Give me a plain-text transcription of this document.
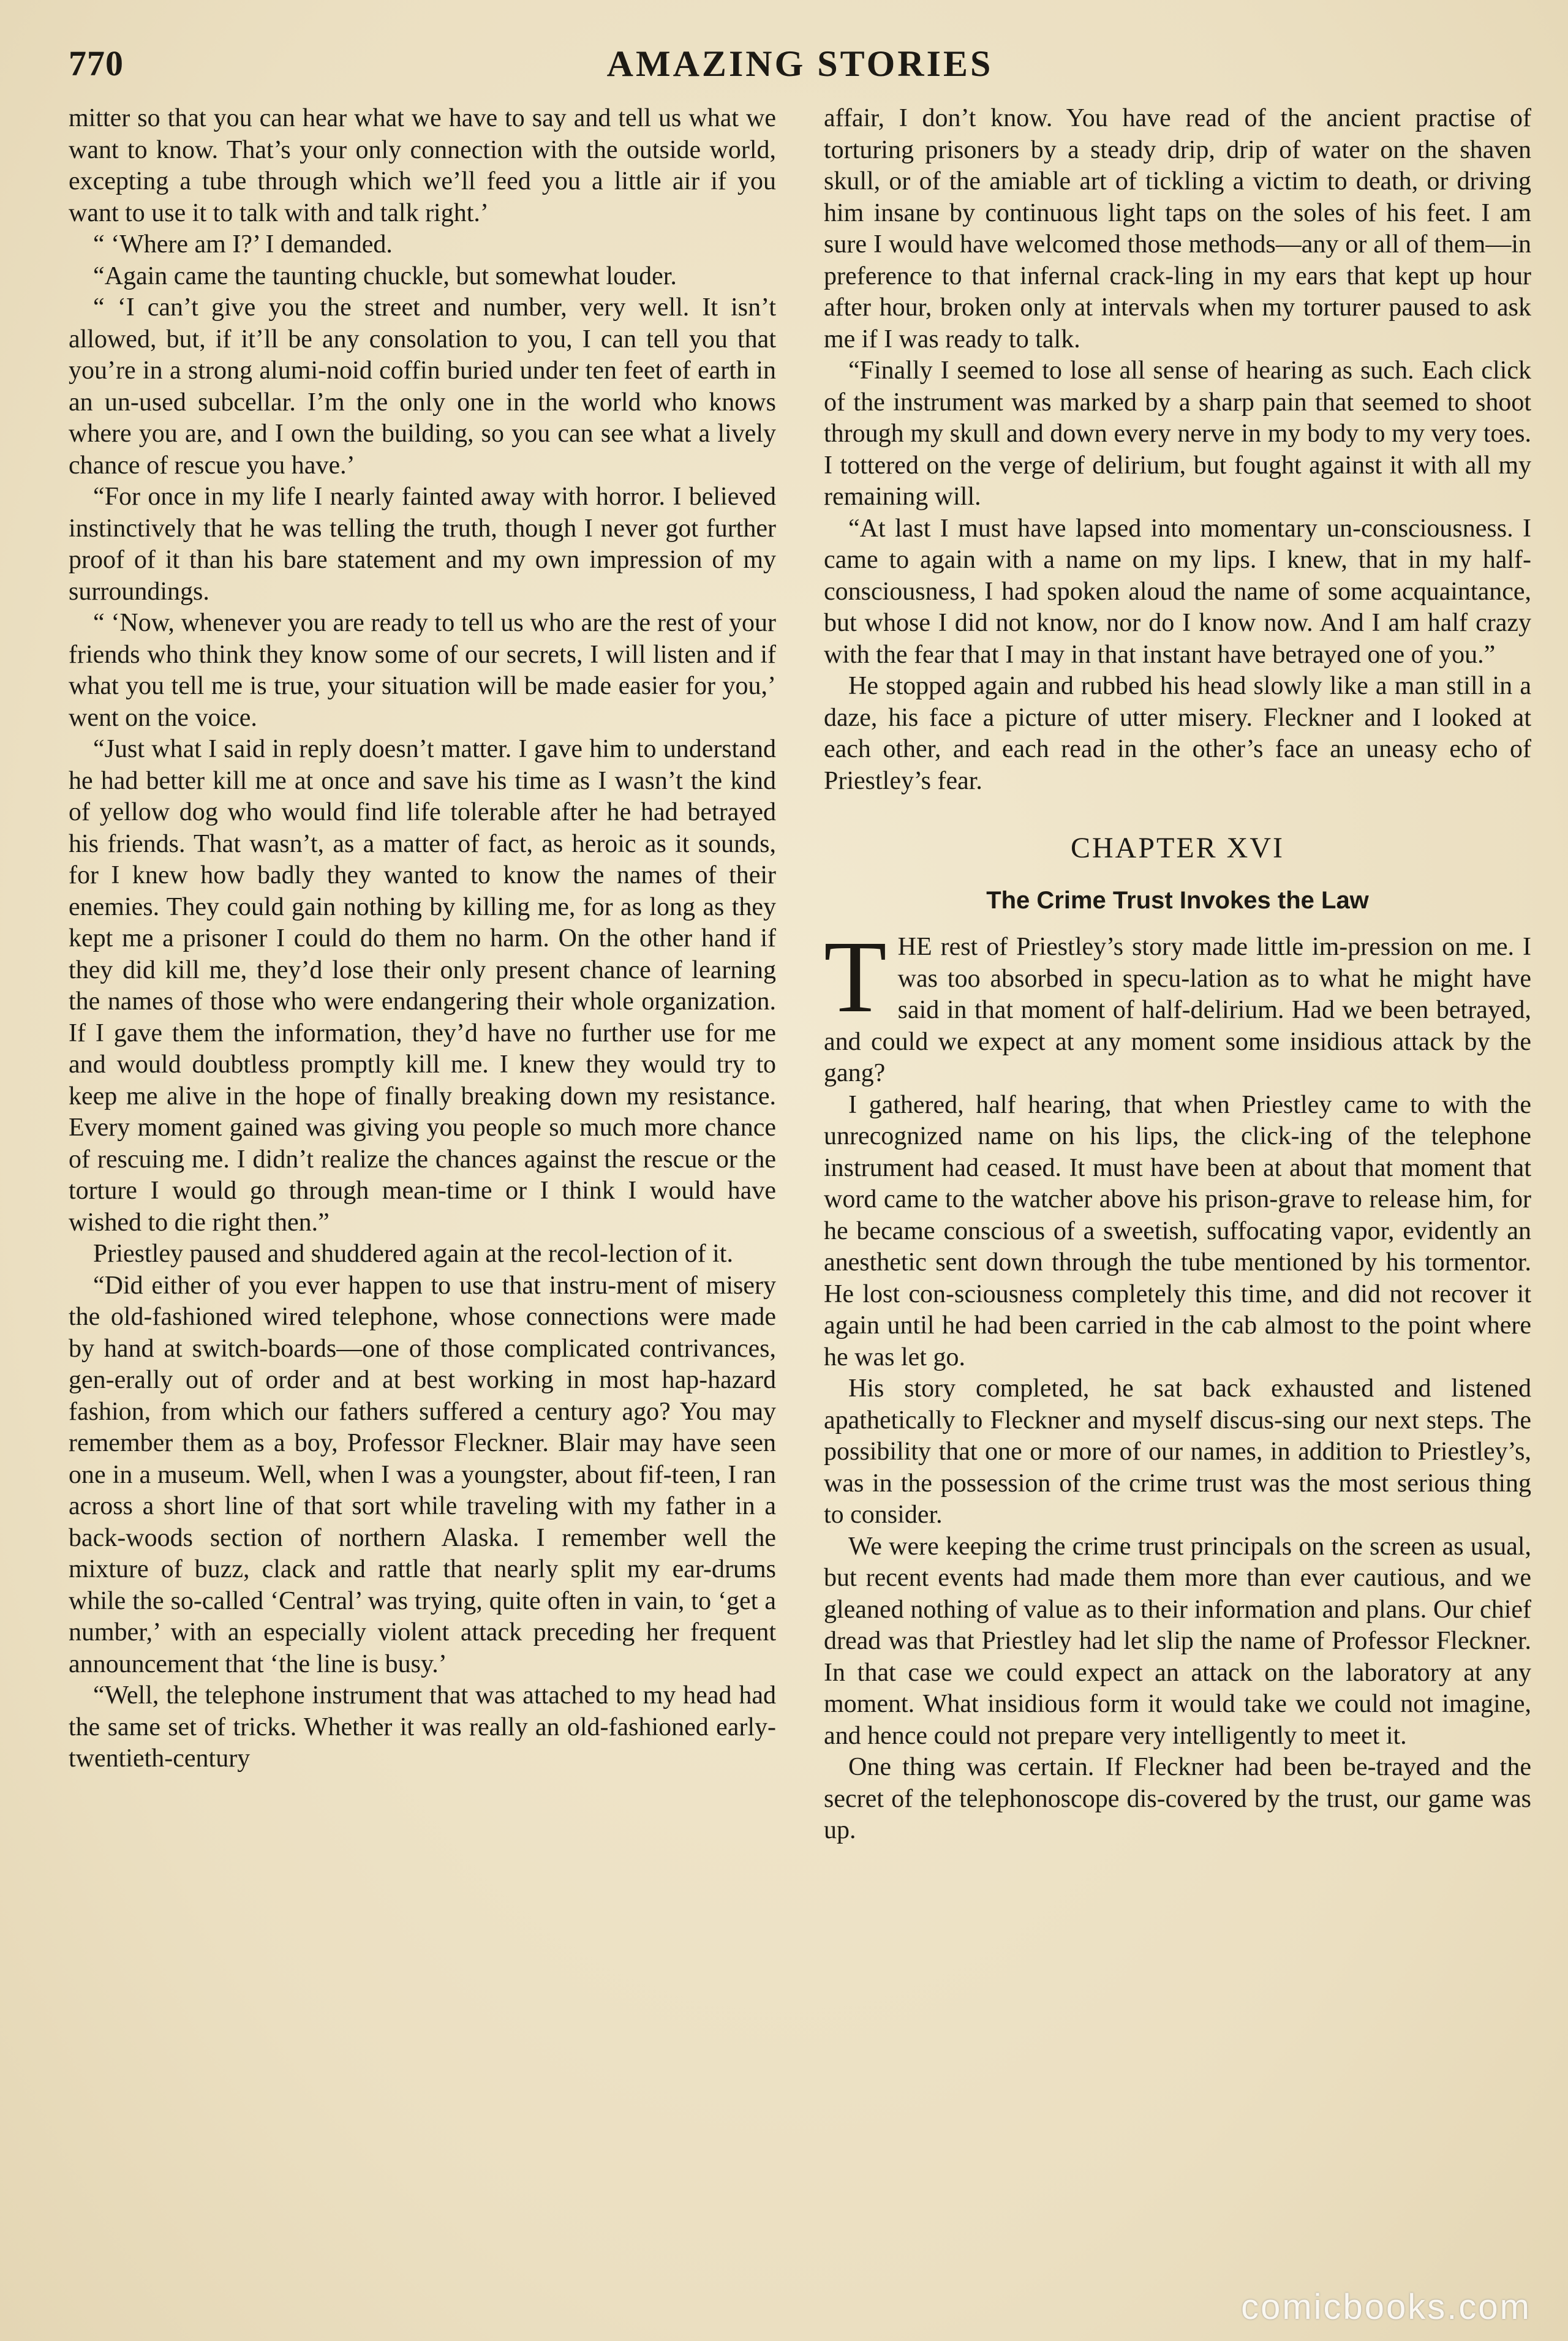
770	AMAZING STORIES

mitter so that you can hear what we have to say and tell us what we want to know. That’s your only connection with the outside world, excepting a tube through which we’ll feed you a little air if you want to use it to talk with and talk right.’

“ ‘Where am I?’ I demanded.

“Again came the taunting chuckle, but somewhat louder.

“ ‘I can’t give you the street and number, very well. It isn’t allowed, but, if it’ll be any consolation to you, I can tell you that you’re in a strong alumi-noid coffin buried under ten feet of earth in an un-used subcellar. I’m the only one in the world who knows where you are, and I own the building, so you can see what a lively chance of rescue you have.’

“For once in my life I nearly fainted away with horror. I believed instinctively that he was telling the truth, though I never got further proof of it than his bare statement and my own impression of my surroundings.

“ ‘Now, whenever you are ready to tell us who are the rest of your friends who think they know some of our secrets, I will listen and if what you tell me is true, your situation will be made easier for you,’ went on the voice.

“Just what I said in reply doesn’t matter. I gave him to understand he had better kill me at once and save his time as I wasn’t the kind of yellow dog who would find life tolerable after he had betrayed his friends. That wasn’t, as a matter of fact, as heroic as it sounds, for I knew how badly they wanted to know the names of their enemies. They could gain nothing by killing me, for as long as they kept me a prisoner I could do them no harm. On the other hand if they did kill me, they’d lose their only present chance of learning the names of those who were endangering their whole organization. If I gave them the information, they’d have no further use for me and would doubtless promptly kill me. I knew they would try to keep me alive in the hope of finally breaking down my resistance. Every moment gained was giving you people so much more chance of rescuing me. I didn’t realize the chances against the rescue or the torture I would go through mean-time or I think I would have wished to die right then.”

Priestley paused and shuddered again at the recol-lection of it.

“Did either of you ever happen to use that instru-ment of misery the old-fashioned wired telephone, whose connections were made by hand at switch-boards—one of those complicated contrivances, gen-erally out of order and at best working in most hap-hazard fashion, from which our fathers suffered a century ago? You may remember them as a boy, Professor Fleckner. Blair may have seen one in a museum. Well, when I was a youngster, about fif-teen, I ran across a short line of that sort while traveling with my father in a back-woods section of northern Alaska. I remember well the mixture of buzz, clack and rattle that nearly split my ear-drums while the so-called ‘Central’ was trying, quite often in vain, to ‘get a number,’ with an especially violent attack preceding her frequent announcement that ‘the line is busy.’

“Well, the telephone instrument that was attached to my head had the same set of tricks. Whether it was really an old-fashioned early-twentieth-century

affair, I don’t know. You have read of the ancient practise of torturing prisoners by a steady drip, drip of water on the shaven skull, or of the amiable art of tickling a victim to death, or driving him insane by continuous light taps on the soles of his feet. I am sure I would have welcomed those methods—any or all of them—in preference to that infernal crack-ling in my ears that kept up hour after hour, broken only at intervals when my torturer paused to ask me if I was ready to talk.

“Finally I seemed to lose all sense of hearing as such. Each click of the instrument was marked by a sharp pain that seemed to shoot through my skull and down every nerve in my body to my very toes. I tottered on the verge of delirium, but fought against it with all my remaining will.

“At last I must have lapsed into momentary un-consciousness. I came to again with a name on my lips. I knew, that in my half-consciousness, I had spoken aloud the name of some acquaintance, but whose I did not know, nor do I know now. And I am half crazy with the fear that I may in that instant have betrayed one of you.”

He stopped again and rubbed his head slowly like a man still in a daze, his face a picture of utter misery. Fleckner and I looked at each other, and each read in the other’s face an uneasy echo of Priestley’s fear.

CHAPTER XVI
The Crime Trust Invokes the Law

THE rest of Priestley’s story made little im-pression on me. I was too absorbed in specu-lation as to what he might have said in that moment of half-delirium. Had we been betrayed, and could we expect at any moment some insidious attack by the gang?

I gathered, half hearing, that when Priestley came to with the unrecognized name on his lips, the click-ing of the telephone instrument had ceased. It must have been at about that moment that word came to the watcher above his prison-grave to release him, for he became conscious of a sweetish, suffocating vapor, evidently an anesthetic sent down through the tube mentioned by his tormentor. He lost con-sciousness completely this time, and did not recover it again until he had been carried in the cab almost to the point where he was let go.

His story completed, he sat back exhausted and listened apathetically to Fleckner and myself discus-sing our next steps. The possibility that one or more of our names, in addition to Priestley’s, was in the possession of the crime trust was the most serious thing to consider.

We were keeping the crime trust principals on the screen as usual, but recent events had made them more than ever cautious, and we gleaned nothing of value as to their information and plans. Our chief dread was that Priestley had let slip the name of Professor Fleckner. In that case we could expect an attack on the laboratory at any moment. What insidious form it would take we could not imagine, and hence could not prepare very intelligently to meet it.

One thing was certain. If Fleckner had been be-trayed and the secret of the telephonoscope dis-covered by the trust, our game was up.

comicbooks.com
